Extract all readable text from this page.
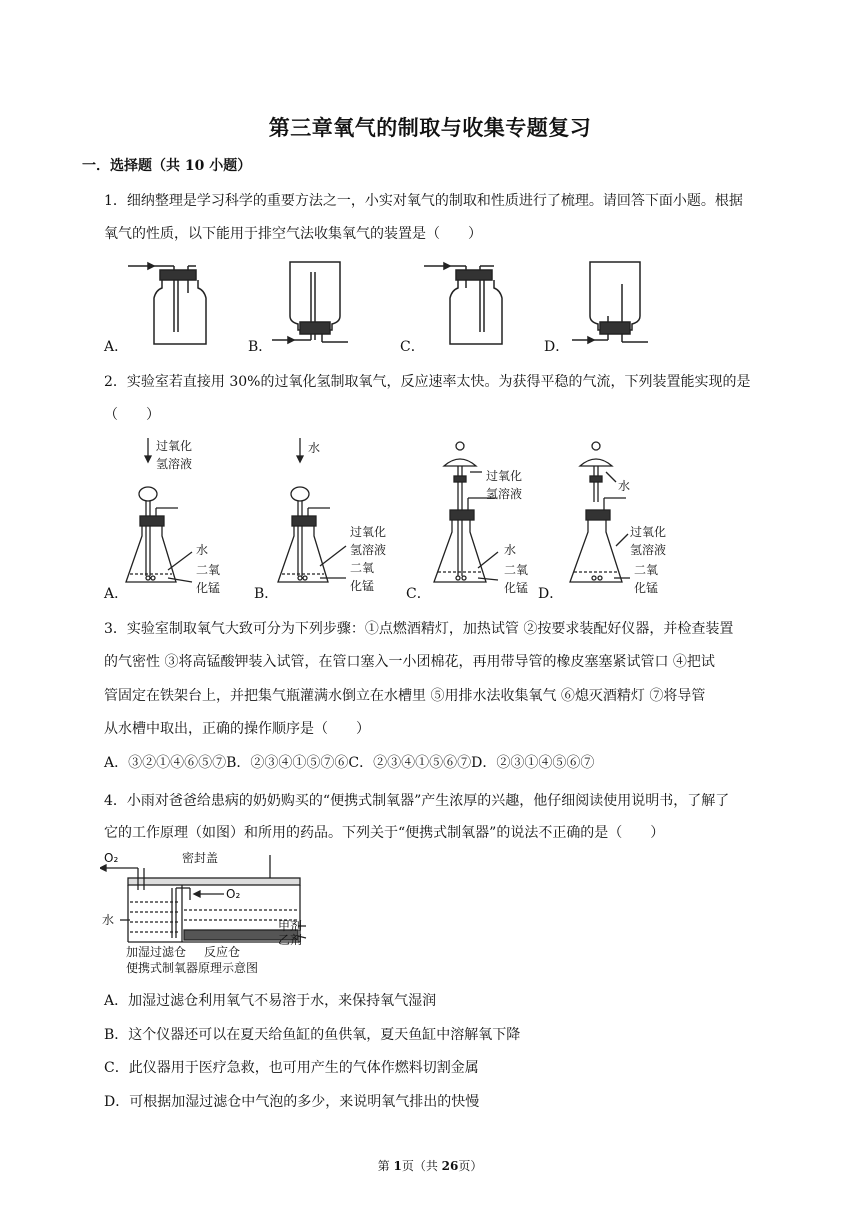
第三章氧气的制取与收集专题复习
一．选择题（共 10 小题）
1．细纳整理是学习科学的重要方法之一，小实对氧气的制取和性质进行了梳理。请回答下面小题。根据
氧气的性质，以下能用于排空气法收集氧气的装置是（　　）
A．	B．	C．	D．
2．实验室若直接用 30%的过氧化氢制取氧气，反应速率太快。为获得平稳的气流，下列装置能实现的是
（　　）
A．	B．	C．	D．
过氧化
氢溶液
水
二氧
化锰
水
过氧化
氢溶液
二氧
化锰
过氧化
氢溶液
水
二氧
化锰
水
过氧化
氢溶液
二氧
化锰
3．实验室制取氧气大致可分为下列步骤：①点燃酒精灯，加热试管 ②按要求装配好仪器，并检查装置
的气密性 ③将高锰酸钾装入试管，在管口塞入一小团棉花，再用带导管的橡皮塞塞紧试管口 ④把试
管固定在铁架台上，并把集气瓶灌满水倒立在水槽里 ⑤用排水法收集氧气 ⑥熄灭酒精灯 ⑦将导管
从水槽中取出，正确的操作顺序是（　　）
A．③②①④⑥⑤⑦B．②③④①⑤⑦⑥C．②③④①⑤⑥⑦D．②③①④⑤⑥⑦
4．小雨对爸爸给患病的奶奶购买的“便携式制氧器”产生浓厚的兴趣，他仔细阅读使用说明书，了解了
它的工作原理（如图）和所用的药品。下列关于“便携式制氧器”的说法不正确的是（　　）
O₂	密封盖
O₂
水	甲剂
乙剂
加湿过滤仓 反应仓
便携式制氧器原理示意图
A．加湿过滤仓利用氧气不易溶于水，来保持氧气湿润
B．这个仪器还可以在夏天给鱼缸的鱼供氧，夏天鱼缸中溶解氧下降
C．此仪器用于医疗急救，也可用产生的气体作燃料切割金属
D．可根据加湿过滤仓中气泡的多少，来说明氧气排出的快慢
第 1页（共 26页）
